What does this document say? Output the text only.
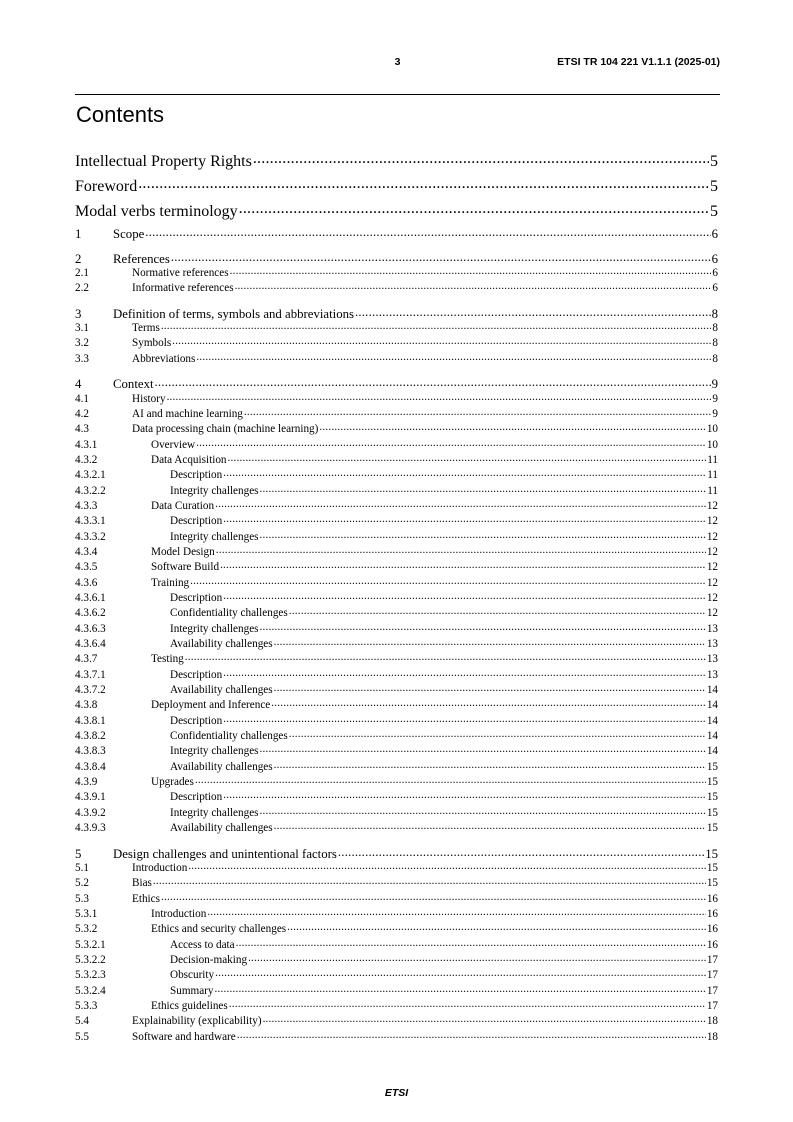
3	ETSI TR 104 221 V1.1.1 (2025-01)
Contents
Intellectual Property Rights .....	5
Foreword .....	5
Modal verbs terminology .....	5
1	Scope .....	6
2	References .....	6
2.1	Normative references .....	6
2.2	Informative references .....	6
3	Definition of terms, symbols and abbreviations .....	8
3.1	Terms .....	8
3.2	Symbols .....	8
3.3	Abbreviations .....	8
4	Context .....	9
4.1	History .....	9
4.2	AI and machine learning .....	9
4.3	Data processing chain (machine learning) .....	10
4.3.1	Overview .....	10
4.3.2	Data Acquisition .....	11
4.3.2.1	Description .....	11
4.3.2.2	Integrity challenges .....	11
4.3.3	Data Curation .....	12
4.3.3.1	Description .....	12
4.3.3.2	Integrity challenges .....	12
4.3.4	Model Design .....	12
4.3.5	Software Build .....	12
4.3.6	Training .....	12
4.3.6.1	Description .....	12
4.3.6.2	Confidentiality challenges .....	12
4.3.6.3	Integrity challenges .....	13
4.3.6.4	Availability challenges .....	13
4.3.7	Testing .....	13
4.3.7.1	Description .....	13
4.3.7.2	Availability challenges .....	14
4.3.8	Deployment and Inference .....	14
4.3.8.1	Description .....	14
4.3.8.2	Confidentiality challenges .....	14
4.3.8.3	Integrity challenges .....	14
4.3.8.4	Availability challenges .....	15
4.3.9	Upgrades .....	15
4.3.9.1	Description .....	15
4.3.9.2	Integrity challenges .....	15
4.3.9.3	Availability challenges .....	15
5	Design challenges and unintentional factors .....	15
5.1	Introduction .....	15
5.2	Bias .....	15
5.3	Ethics .....	16
5.3.1	Introduction .....	16
5.3.2	Ethics and security challenges .....	16
5.3.2.1	Access to data .....	16
5.3.2.2	Decision-making .....	17
5.3.2.3	Obscurity .....	17
5.3.2.4	Summary .....	17
5.3.3	Ethics guidelines .....	17
5.4	Explainability (explicability) .....	18
5.5	Software and hardware .....	18
ETSI
